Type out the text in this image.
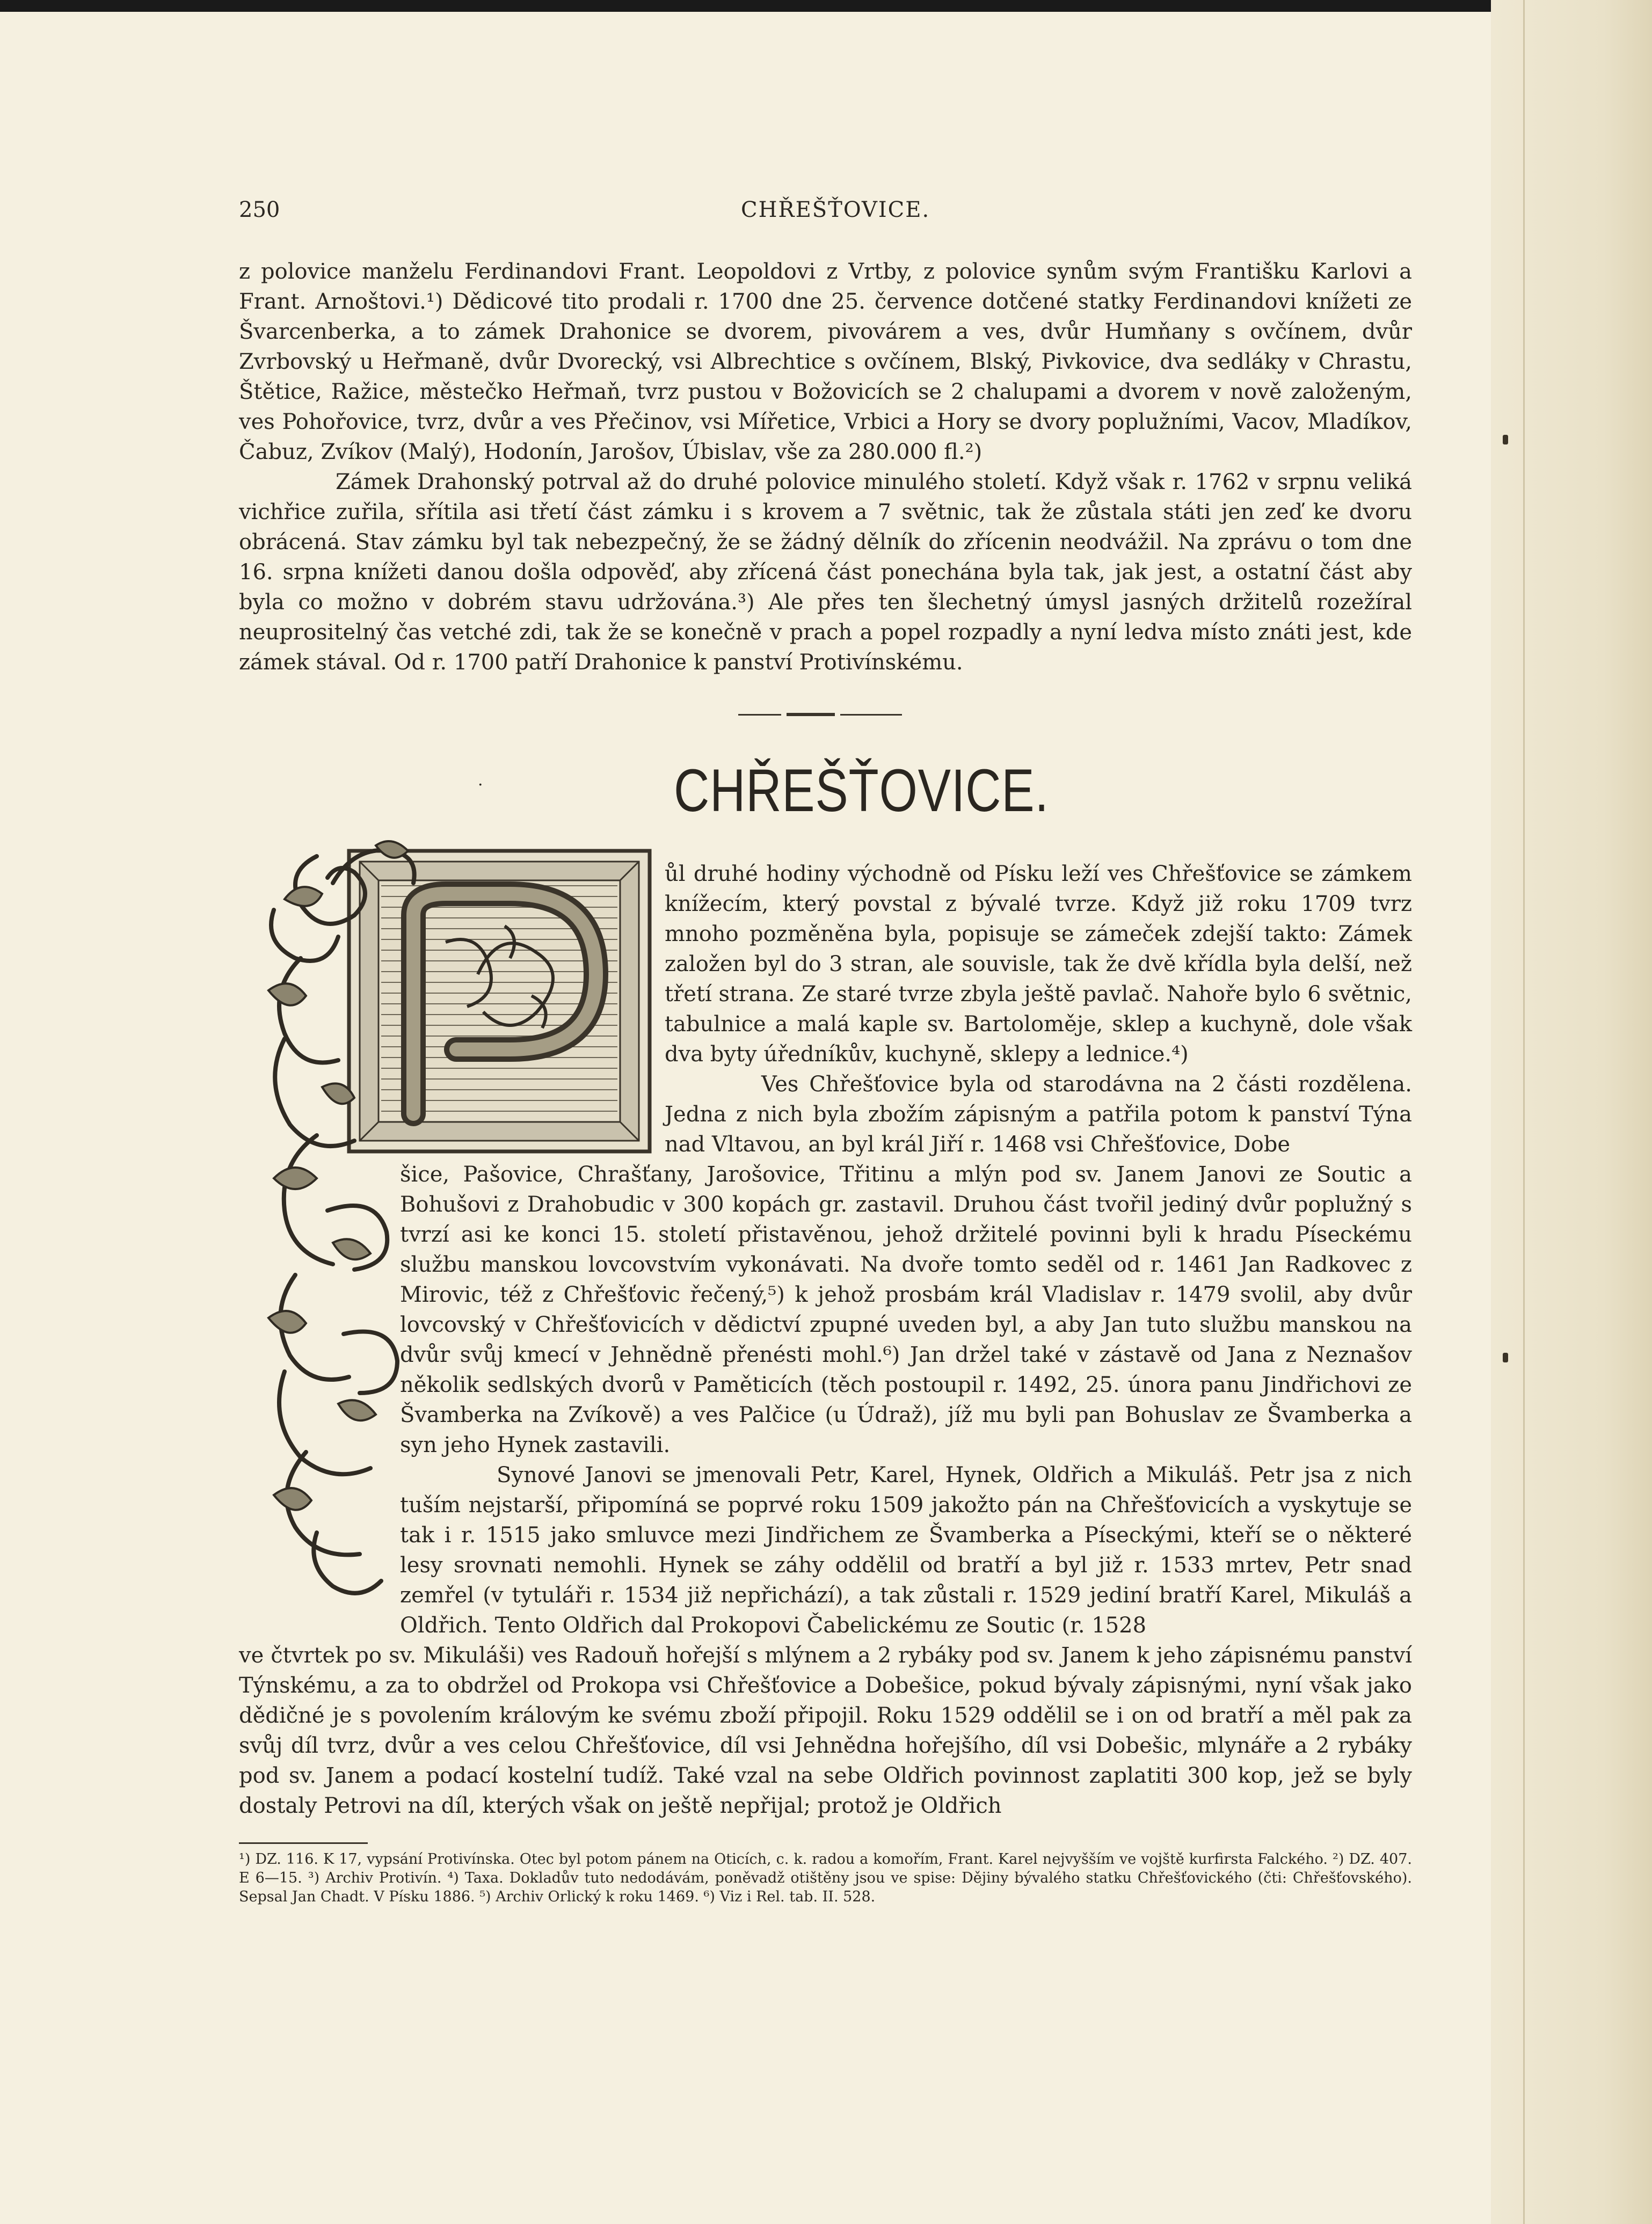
250	CHŘEŠŤOVICE.
z polovice manželu Ferdinandovi Frant. Leopoldovi z Vrtby, z polovice synům svým Františku Karlovi a Frant. Arnoštovi.¹) Dědicové tito prodali r. 1700 dne 25. července dotčené statky Ferdinandovi knížeti ze Švarcenberka, a to zámek Drahonice se dvorem, pivovárem a ves, dvůr Humňany s ovčínem, dvůr Zvrbovský u Heřmaně, dvůr Dvorecký, vsi Albrechtice s ovčínem, Blský, Pivkovice, dva sedláky v Chrastu, Štětice, Ražice, městečko Heřmaň, tvrz pustou v Božovicích se 2 chalupami a dvorem v nově založeným, ves Pohořovice, tvrz, dvůr a ves Přečinov, vsi Mířetice, Vrbici a Hory se dvory poplužními, Vacov, Mladíkov, Čabuz, Zvíkov (Malý), Hodonín, Jarošov, Úbislav, vše za 280.000 fl.²)
Zámek Drahonský potrval až do druhé polovice minulého století. Když však r. 1762 v srpnu veliká vichřice zuřila, sřítila asi třetí část zámku i s krovem a 7 světnic, tak že zůstala státi jen zeď ke dvoru obrácená. Stav zámku byl tak nebezpečný, že se žádný dělník do zřícenin neodvážil. Na zprávu o tom dne 16. srpna knížeti danou došla odpověď, aby zřícená část ponechána byla tak, jak jest, a ostatní část aby byla co možno v dobrém stavu udržována.³) Ale přes ten šlechetný úmysl jasných držitelů rozežíral neuprositelný čas vetché zdi, tak že se konečně v prach a popel rozpadly a nyní ledva místo znáti jest, kde zámek stával. Od r. 1700 patří Drahonice k panství Protivínskému.
·	CHŘEŠŤOVICE.
ůl druhé hodiny východně od Písku leží ves Chřešťovice se zámkem knížecím, který povstal z bývalé tvrze. Když již roku 1709 tvrz mnoho pozměněna byla, popisuje se zámeček zdejší takto: Zámek založen byl do 3 stran, ale souvisle, tak že dvě křídla byla delší, než třetí strana. Ze staré tvrze zbyla ještě pavlač. Nahoře bylo 6 světnic, tabulnice a malá kaple sv. Bartoloměje, sklep a kuchyně, dole však dva byty úředníkův, kuchyně, sklepy a lednice.⁴)
Ves Chřešťovice byla od starodávna na 2 části rozdělena. Jedna z nich byla zbožím zápisným a patřila potom k panství Týna nad Vltavou, an byl král Jiří r. 1468 vsi Chřešťovice, Dobe
šice, Pašovice, Chrašťany, Jarošovice, Třitinu a mlýn pod sv. Janem Janovi ze Soutic a Bohušovi z Drahobudic v 300 kopách gr. zastavil. Druhou část tvořil jediný dvůr poplužný s tvrzí asi ke konci 15. století přistavěnou, jehož držitelé povinni byli k hradu Píseckému službu manskou lovcovstvím vykonávati. Na dvoře tomto seděl od r. 1461 Jan Radkovec z Mirovic, též z Chřešťovic řečený,⁵) k jehož prosbám král Vladislav r. 1479 svolil, aby dvůr lovcovský v Chřešťovicích v dědictví zpupné uveden byl, a aby Jan tuto službu manskou na dvůr svůj kmecí v Jehnědně přenésti mohl.⁶) Jan držel také v zástavě od Jana z Neznašov několik sedlských dvorů v Paměticích (těch postoupil r. 1492, 25. února panu Jindřichovi ze Švamberka na Zvíkově) a ves Palčice (u Údraž), jíž mu byli pan Bohuslav ze Švamberka a syn jeho Hynek zastavili.
Synové Janovi se jmenovali Petr, Karel, Hynek, Oldřich a Mikuláš. Petr jsa z nich tuším nejstarší, připomíná se poprvé roku 1509 jakožto pán na Chřešťovicích a vyskytuje se tak i r. 1515 jako smluvce mezi Jindřichem ze Švamberka a Píseckými, kteří se o některé lesy srovnati nemohli. Hynek se záhy oddělil od bratří a byl již r. 1533 mrtev, Petr snad zemřel (v tytuláři r. 1534 již nepřichází), a tak zůstali r. 1529 jediní bratří Karel, Mikuláš a Oldřich. Tento Oldřich dal Prokopovi Čabelickému ze Soutic (r. 1528
ve čtvrtek po sv. Mikuláši) ves Radouň hořejší s mlýnem a 2 rybáky pod sv. Janem k jeho zápisnému panství Týnskému, a za to obdržel od Prokopa vsi Chřešťovice a Dobešice, pokud bývaly zápisnými, nyní však jako dědičné je s povolením královým ke svému zboží připojil. Roku 1529 oddělil se i on od bratří a měl pak za svůj díl tvrz, dvůr a ves celou Chřešťovice, díl vsi Jehnědna hořejšího, díl vsi Dobešic, mlynáře a 2 rybáky pod sv. Janem a podací kostelní tudíž. Také vzal na sebe Oldřich povinnost zaplatiti 300 kop, jež se byly dostaly Petrovi na díl, kterých však on ještě nepřijal; protož je Oldřich
¹) DZ. 116. K 17, vypsání Protivínska. Otec byl potom pánem na Oticích, c. k. radou a komořím, Frant. Karel nejvyšším ve vojště kurfirsta Falckého. ²) DZ. 407. E 6—15. ³) Archiv Protivín. ⁴) Taxa. Dokladův tuto nedodávám, poněvadž otištěny jsou ve spise: Dějiny bývalého statku Chřešťovického (čti: Chřešťovského). Sepsal Jan Chadt. V Písku 1886. ⁵) Archiv Orlický k roku 1469. ⁶) Viz i Rel. tab. II. 528.
